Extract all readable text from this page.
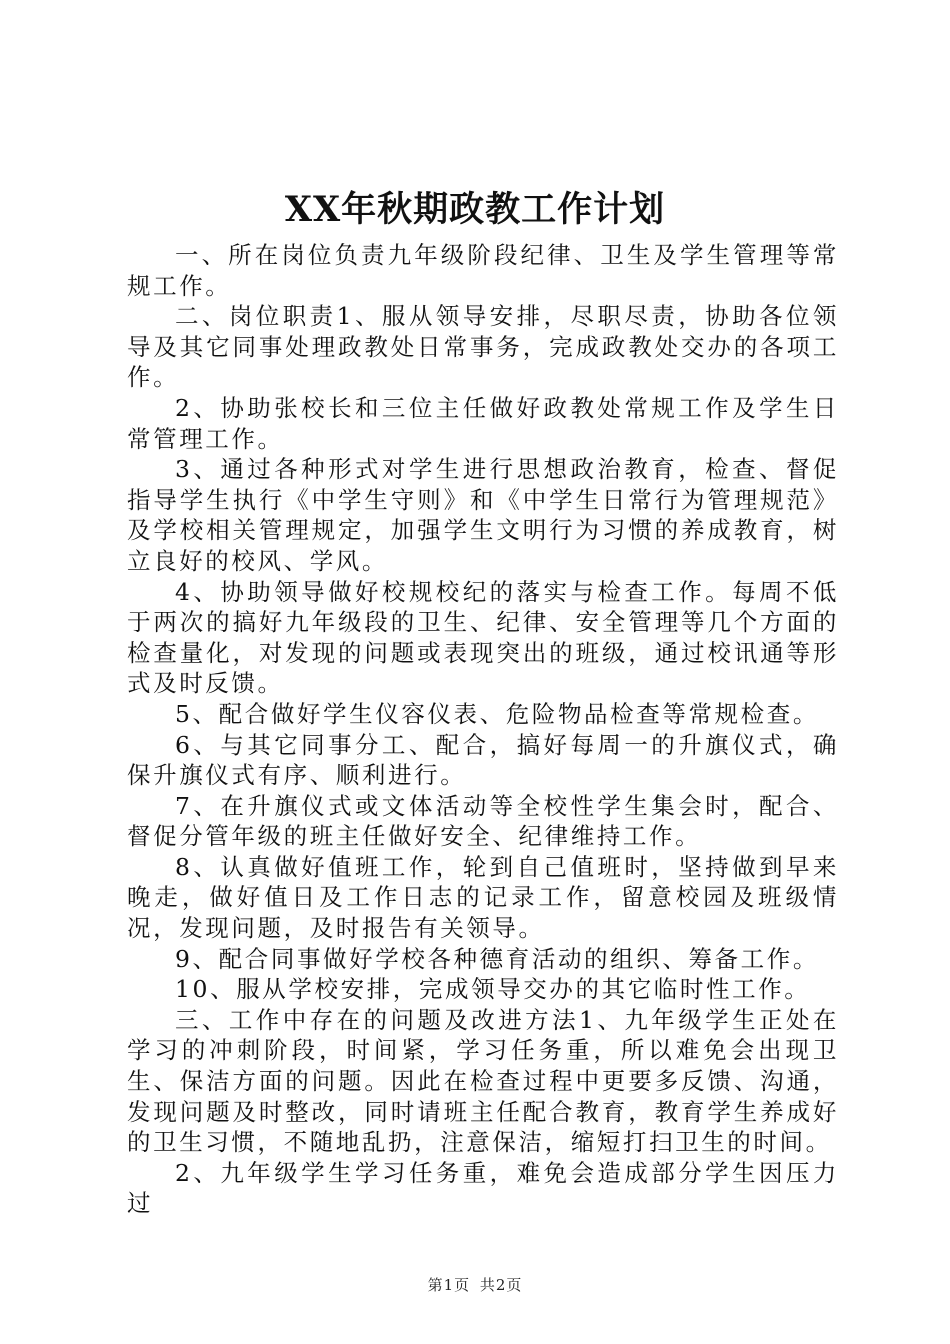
XX年秋期政教工作计划

一、所在岗位负责九年级阶段纪律、卫生及学生管理等常规工作。

二、岗位职责1、服从领导安排，尽职尽责，协助各位领导及其它同事处理政教处日常事务，完成政教处交办的各项工作。

2、协助张校长和三位主任做好政教处常规工作及学生日常管理工作。

3、通过各种形式对学生进行思想政治教育，检查、督促指导学生执行《中学生守则》和《中学生日常行为管理规范》及学校相关管理规定，加强学生文明行为习惯的养成教育，树立良好的校风、学风。

4、协助领导做好校规校纪的落实与检查工作。每周不低于两次的搞好九年级段的卫生、纪律、安全管理等几个方面的检查量化，对发现的问题或表现突出的班级，通过校讯通等形式及时反馈。

5、配合做好学生仪容仪表、危险物品检查等常规检查。

6、与其它同事分工、配合，搞好每周一的升旗仪式，确保升旗仪式有序、顺利进行。

7、在升旗仪式或文体活动等全校性学生集会时，配合、督促分管年级的班主任做好安全、纪律维持工作。

8、认真做好值班工作，轮到自己值班时，坚持做到早来晚走，做好值日及工作日志的记录工作，留意校园及班级情况，发现问题，及时报告有关领导。

9、配合同事做好学校各种德育活动的组织、筹备工作。

10、服从学校安排，完成领导交办的其它临时性工作。

三、工作中存在的问题及改进方法1、九年级学生正处在学习的冲刺阶段，时间紧，学习任务重，所以难免会出现卫生、保洁方面的问题。因此在检查过程中更要多反馈、沟通，发现问题及时整改，同时请班主任配合教育，教育学生养成好的卫生习惯，不随地乱扔，注意保洁，缩短打扫卫生的时间。

2、九年级学生学习任务重，难免会造成部分学生因压力过

第1页 共2页
